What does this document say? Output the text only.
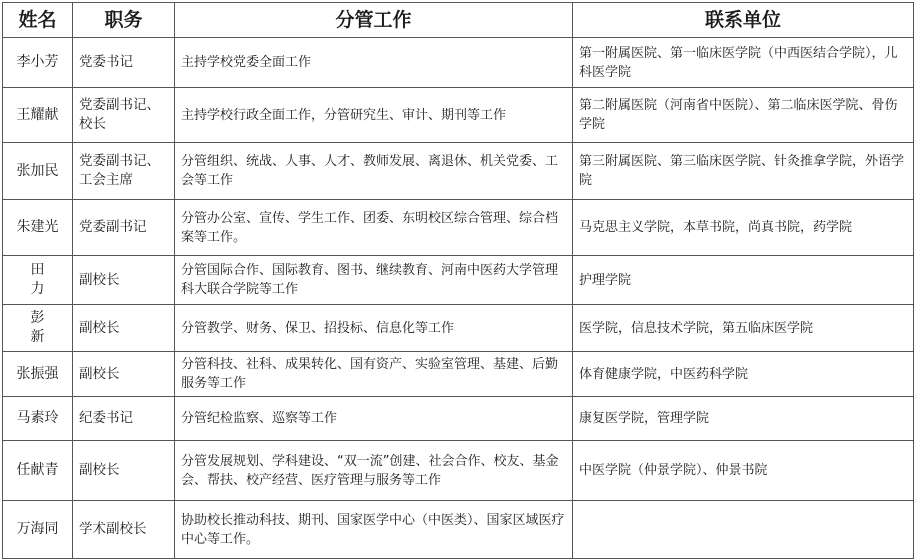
姓名	职务	分管工作	联系单位
李小芳	党委书记	主持学校党委全面工作	第一附属医院、第一临床医学院（中西医结合学院），儿科医学院
王耀献	党委副书记、校长	主持学校行政全面工作，分管研究生、审计、期刊等工作	第二附属医院（河南省中医院）、第二临床医学院、骨伤学院
张加民	党委副书记、工会主席	分管组织、统战、人事、人才、教师发展、离退休、机关党委、工会等工作	第三附属医院、第三临床医学院、针灸推拿学院，外语学院
朱建光	党委副书记	分管办公室、宣传、学生工作、团委、东明校区综合管理、综合档案等工作。	马克思主义学院，本草书院，尚真书院，药学院
田力	副校长	分管国际合作、国际教育、图书、继续教育、河南中医药大学管理科大联合学院等工作	护理学院
彭新	副校长	分管教学、财务、保卫、招投标、信息化等工作	医学院，信息技术学院，第五临床医学院
张振强	副校长	分管科技、社科、成果转化、国有资产、实验室管理、基建、后勤服务等工作	体育健康学院，中医药科学院
马素玲	纪委书记	分管纪检监察、巡察等工作	康复医学院，管理学院
任献青	副校长	分管发展规划、学科建设、“双一流”创建、社会合作、校友、基金会、帮扶、校产经营、医疗管理与服务等工作	中医学院（仲景学院）、仲景书院
万海同	学术副校长	协助校长推动科技、期刊、国家医学中心（中医类）、国家区域医疗中心等工作。	
